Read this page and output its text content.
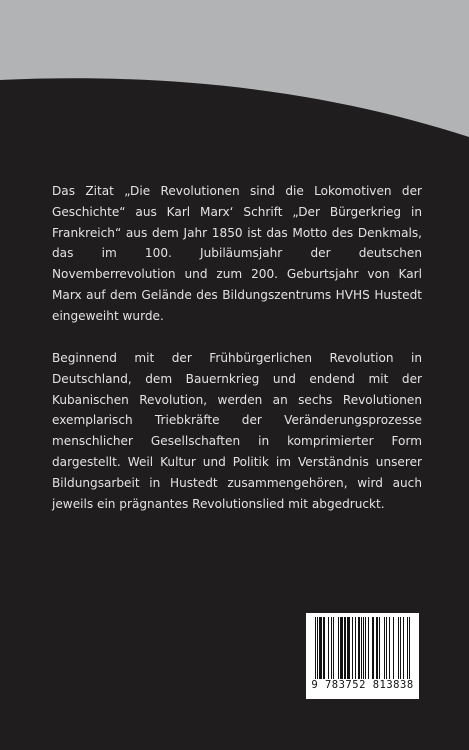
Das Zitat „Die Revolutionen sind die Lokomotiven der Geschichte“ aus Karl Marx‘ Schrift „Der Bürgerkrieg in Frankreich“ aus dem Jahr 1850 ist das Motto des Denkmals, das im 100. Jubiläumsjahr der deutschen Novemberrevolution und zum 200. Geburtsjahr von Karl Marx auf dem Gelände des Bildungszentrums HVHS Hustedt eingeweiht wurde.

Beginnend mit der Frühbürgerlichen Revolution in Deutschland, dem Bauernkrieg und endend mit der Kubanischen Revolution, werden an sechs Revolutionen exemplarisch Triebkräfte der Veränderungsprozesse menschlicher Gesellschaften in komprimierter Form dargestellt. Weil Kultur und Politik im Verständnis unserer Bildungsarbeit in Hustedt zusammengehören, wird auch jeweils ein prägnantes Revolutionslied mit abgedruckt.

9 783752 813838
